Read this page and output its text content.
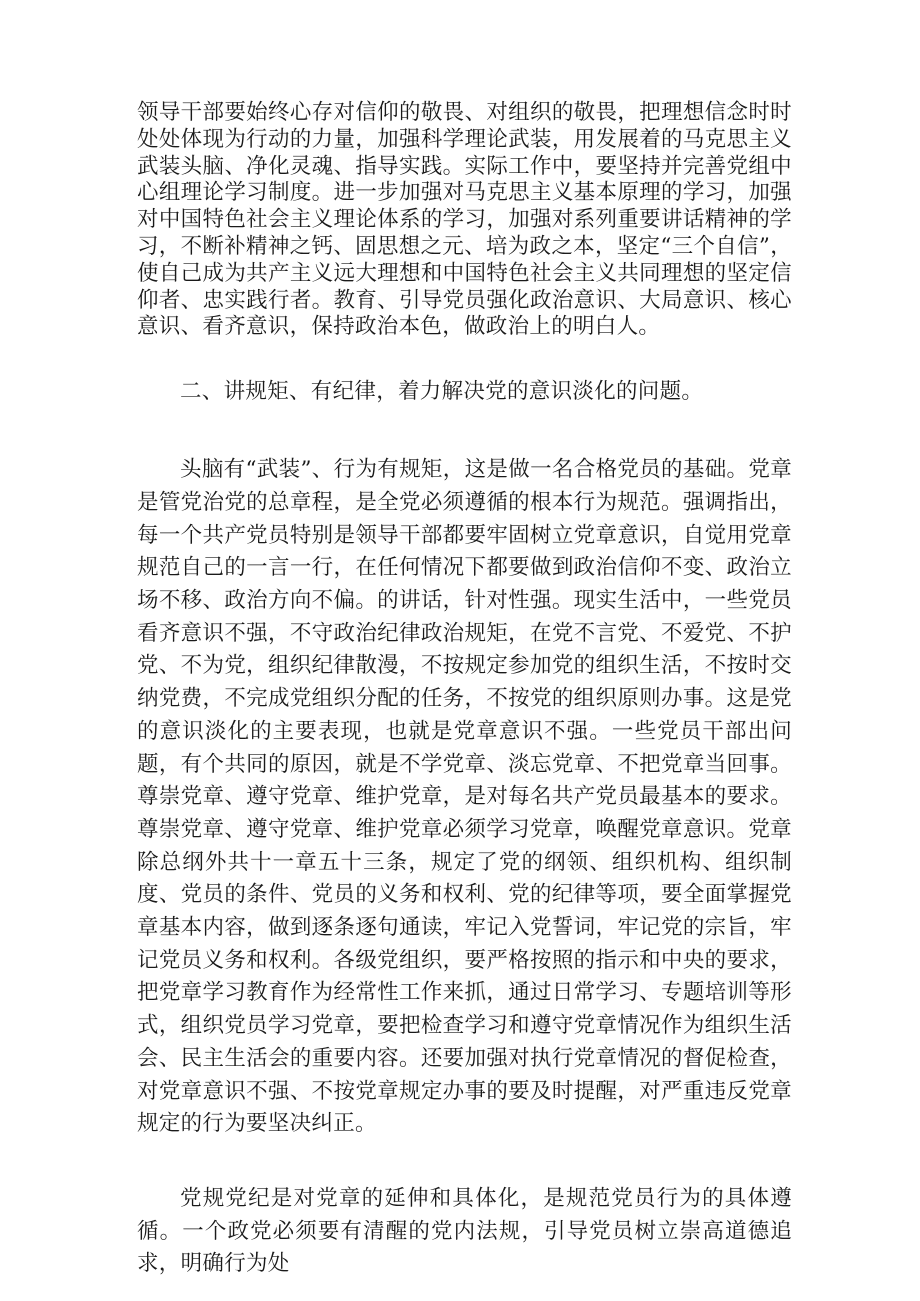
领导干部要始终心存对信仰的敬畏、对组织的敬畏，把理想信念时时处处体现为行动的力量，加强科学理论武装，用发展着的马克思主义武装头脑、净化灵魂、指导实践。实际工作中，要坚持并完善党组中心组理论学习制度。进一步加强对马克思主义基本原理的学习，加强对中国特色社会主义理论体系的学习，加强对系列重要讲话精神的学习，不断补精神之钙、固思想之元、培为政之本，坚定“三个自信”，使自己成为共产主义远大理想和中国特色社会主义共同理想的坚定信仰者、忠实践行者。教育、引导党员强化政治意识、大局意识、核心意识、看齐意识，保持政治本色，做政治上的明白人。

二、讲规矩、有纪律，着力解决党的意识淡化的问题。

头脑有“武装”、行为有规矩，这是做一名合格党员的基础。党章是管党治党的总章程，是全党必须遵循的根本行为规范。强调指出，每一个共产党员特别是领导干部都要牢固树立党章意识，自觉用党章规范自己的一言一行，在任何情况下都要做到政治信仰不变、政治立场不移、政治方向不偏。的讲话，针对性强。现实生活中，一些党员看齐意识不强，不守政治纪律政治规矩，在党不言党、不爱党、不护党、不为党，组织纪律散漫，不按规定参加党的组织生活，不按时交纳党费，不完成党组织分配的任务，不按党的组织原则办事。这是党的意识淡化的主要表现，也就是党章意识不强。一些党员干部出问题，有个共同的原因，就是不学党章、淡忘党章、不把党章当回事。尊崇党章、遵守党章、维护党章，是对每名共产党员最基本的要求。尊崇党章、遵守党章、维护党章必须学习党章，唤醒党章意识。党章除总纲外共十一章五十三条，规定了党的纲领、组织机构、组织制度、党员的条件、党员的义务和权利、党的纪律等项，要全面掌握党章基本内容，做到逐条逐句通读，牢记入党誓词，牢记党的宗旨，牢记党员义务和权利。各级党组织，要严格按照的指示和中央的要求，把党章学习教育作为经常性工作来抓，通过日常学习、专题培训等形式，组织党员学习党章，要把检查学习和遵守党章情况作为组织生活会、民主生活会的重要内容。还要加强对执行党章情况的督促检查，对党章意识不强、不按党章规定办事的要及时提醒，对严重违反党章规定的行为要坚决纠正。

党规党纪是对党章的延伸和具体化，是规范党员行为的具体遵循。一个政党必须要有清醒的党内法规，引导党员树立崇高道德追求，明确行为处
